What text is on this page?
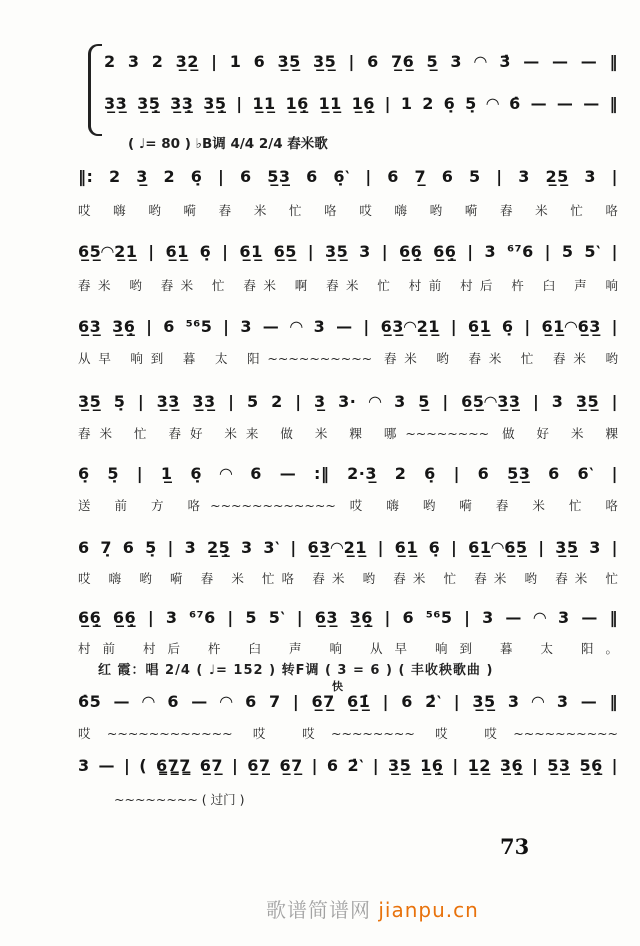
2 3 2 3̲2̲ | 1 6 3̲5̲ 3̲5̲ | 6 7̲6̲ 5̲ 3 ◠ 3̇ — — — ‖
3̲3̲ 3̲5̲̣ 3̲3̲̣ 3̲5̲̣ | 1̲1̲ 1̲6̲̣ 1̲1̲ 1̲6̲̣ | 1 2 6̣ 5̣ ◠ 6̇ — — — ‖
( ♩= 80 ) ♭B调 4/4 2/4 舂米歌
‖: 2 3̲ 2 6̣ | 6 5̲3̲ 6 6̣‵ | 6 7̲ 6 5 | 3 2̲5̲ 3 |
哎 嗨 哟 嗬 舂 米 忙 咯 哎 嗨 哟 嗬 舂 米 忙 咯
6̲5̲◠2̲1̲ | 6̲1̲ 6̣ | 6̲1̲ 6̲5̲ | 3̲5̲ 3 | 6̲6̲̣ 6̲6̲̣ | 3 ⁶⁷6 | 5 5‵ |
舂米 哟 舂米 忙 舂米 啊 舂米 忙 村前 村后 杵 臼 声 响
6̲3̲ 3̲6̲̣ | 6 ⁵⁶5 | 3 — ◠ 3 — | 6̲3̲◠2̲1̲ | 6̲1̲ 6̣ | 6̲1̲◠6̲3̲ |
从早 响到 暮 太 阳~~~~~~~~~~ 舂米 哟 舂米 忙 舂米 哟
3̲5̲ 5̣ | 3̲3̲ 3̲3̲ | 5 2 | 3̲ 3· ◠ 3 5̲ | 6̲5̲◠3̲3̲ | 3 3̲5̲ |
舂米 忙 舂好 米来 做 米 粿 哪~~~~~~~~ 做 好 米 粿
6̣ 5̣ | 1̲ 6̣ ◠ 6 — :‖ 2·3̲ 2 6̣ | 6 5̲3̲ 6 6‵ |
送 前 方 咯~~~~~~~~~~~~ 哎 嗨 哟 嗬 舂 米 忙 咯
6 7̣ 6 5̣ | 3 2̲5̲̣ 3 3‵ | 6̲3̲◠2̲1̲ | 6̲1̲ 6̣ | 6̲1̲◠6̲5̲ | 3̲5̲ 3 |
哎 嗨 哟 嗬 舂 米 忙咯 舂米 哟 舂米 忙 舂米 哟 舂米 忙
6̲6̲̣ 6̲6̲̣ | 3 ⁶⁷6 | 5 5‵ | 6̲3̲ 3̲6̲̣ | 6 ⁵⁶5 | 3 — ◠ 3 — ‖
村前 村后 杵 臼 声 响 从早 响到 暮 太 阳。
红 霞：唱 2/4 ( ♩= 152 ) 转F调 ( 3 = 6 ) ( 丰收秧歌曲 )
快
6̇5 — ◠ 6 — ◠ 6 7 | 6̲7̲ 6̲1̲̇ | 6 2̇‵ | 3̲5̲ 3 ◠ 3 — ‖
哎~~~~~~~~~~~~ 哎 哎~~~~~~~~ 哎 哎~~~~~~~~~~
3 — | ( 6̳7̳7̳ 6̲7̲ | 6̲7̲ 6̲7̲ | 6 2̇‵ | 3̲5̲ 1̲6̲̣ | 1̲2̲ 3̲6̲̣ | 5̲3̲ 5̲6̲̣ |
~~~~~~~~ ( 过门 )
73
歌谱简谱网 jianpu.cn
